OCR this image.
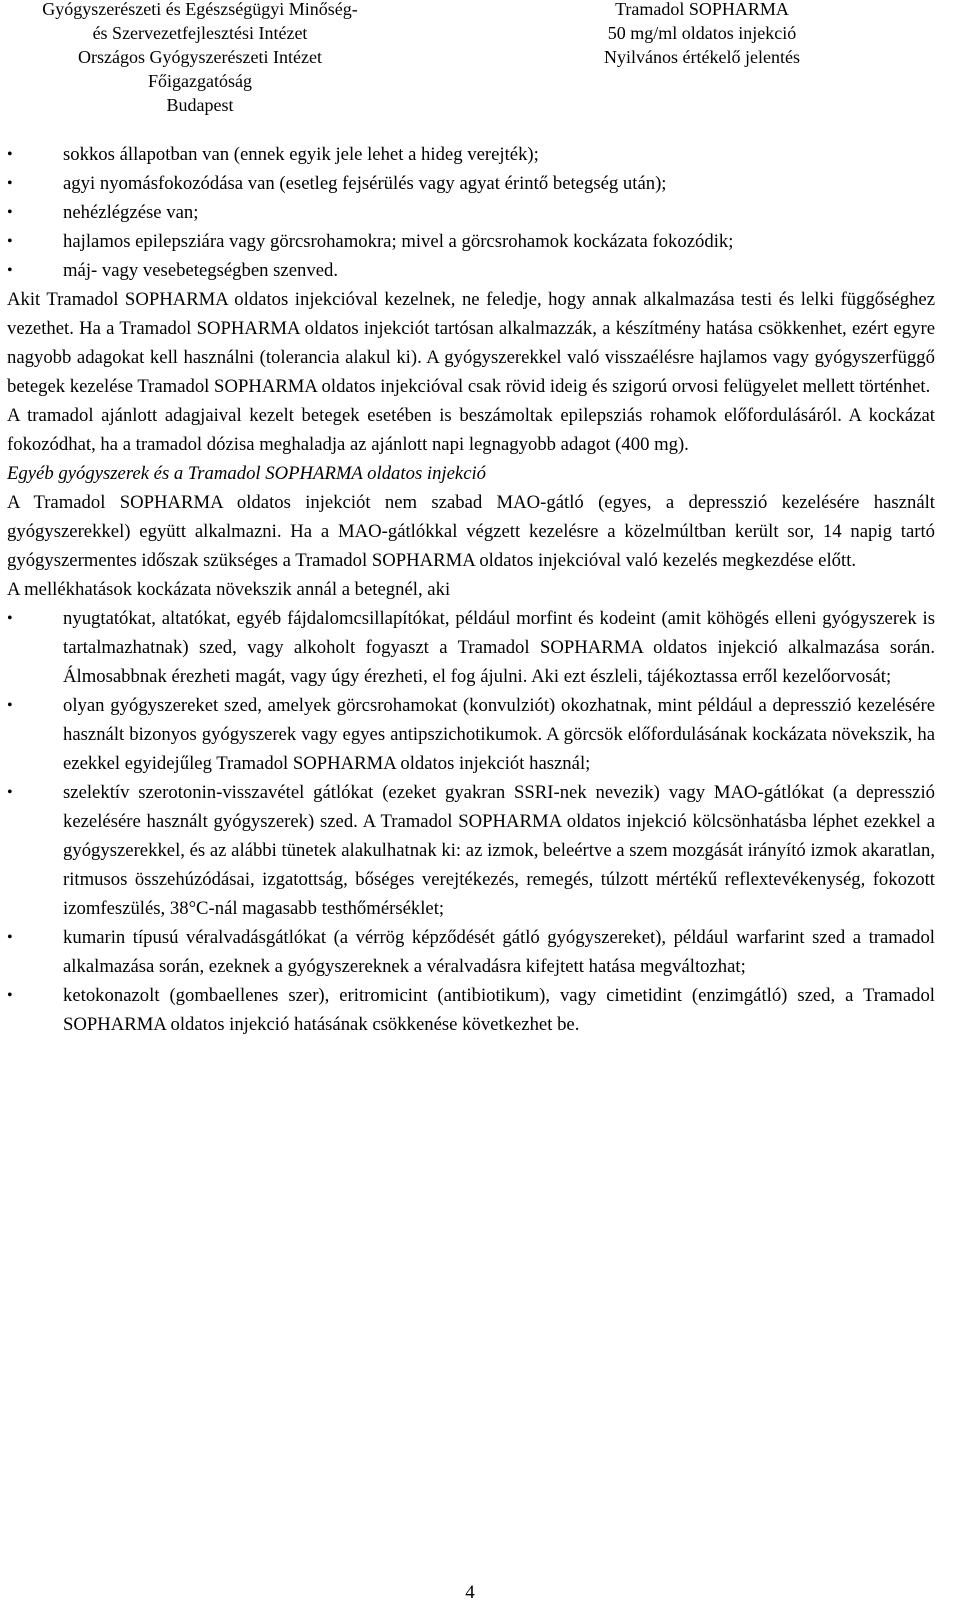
Gyógyszerészeti és Egészségügyi Minőség-
és Szervezetfejlesztési Intézet
Országos Gyógyszerészeti Intézet
Főigazgatóság
Budapest
Tramadol SOPHARMA
50 mg/ml oldatos injekció
Nyilvános értékelő jelentés
•	sokkos állapotban van (ennek egyik jele lehet a hideg verejték);
•	agyi nyomásfokozódása van (esetleg fejsérülés vagy agyat érintő betegség után);
•	nehézlégzése van;
•	hajlamos epilepsziára vagy görcsrohamokra; mivel a görcsrohamok kockázata fokozódik;
•	máj- vagy vesebetegségben szenved.

Akit Tramadol SOPHARMA oldatos injekcióval kezelnek, ne feledje, hogy annak alkalmazása testi és lelki függőséghez vezethet. Ha a Tramadol SOPHARMA oldatos injekciót tartósan alkalmazzák, a készítmény hatása csökkenhet, ezért egyre nagyobb adagokat kell használni (tolerancia alakul ki). A gyógyszerekkel való visszaélésre hajlamos vagy gyógyszerfüggő betegek kezelése Tramadol SOPHARMA oldatos injekcióval csak rövid ideig és szigorú orvosi felügyelet mellett történhet.

A tramadol ajánlott adagjaival kezelt betegek esetében is beszámoltak epilepsziás rohamok előfordulásáról. A kockázat fokozódhat, ha a tramadol dózisa meghaladja az ajánlott napi legnagyobb adagot (400 mg).

Egyéb gyógyszerek és a Tramadol SOPHARMA oldatos injekció

A Tramadol SOPHARMA oldatos injekciót nem szabad MAO-gátló (egyes, a depresszió kezelésére használt gyógyszerekkel) együtt alkalmazni. Ha a MAO-gátlókkal végzett kezelésre a közelmúltban került sor, 14 napig tartó gyógyszermentes időszak szükséges a Tramadol SOPHARMA oldatos injekcióval való kezelés megkezdése előtt.

A mellékhatások kockázata növekszik annál a betegnél, aki

•	nyugtatókat, altatókat, egyéb fájdalomcsillapítókat, például morfint és kodeint (amit köhögés elleni gyógyszerek is tartalmazhatnak) szed, vagy alkoholt fogyaszt a Tramadol SOPHARMA oldatos injekció alkalmazása során. Álmosabbnak érezheti magát, vagy úgy érezheti, el fog ájulni. Aki ezt észleli, tájékoztassa erről kezelőorvosát;
•	olyan gyógyszereket szed, amelyek görcsrohamokat (konvulziót) okozhatnak, mint például a depresszió kezelésére használt bizonyos gyógyszerek vagy egyes antipszichotikumok. A görcsök előfordulásának kockázata növekszik, ha ezekkel egyidejűleg Tramadol SOPHARMA oldatos injekciót használ;
•	szelektív szerotonin-visszavétel gátlókat (ezeket gyakran SSRI-nek nevezik) vagy MAO-gátlókat (a depresszió kezelésére használt gyógyszerek) szed. A Tramadol SOPHARMA oldatos injekció kölcsönhatásba léphet ezekkel a gyógyszerekkel, és az alábbi tünetek alakulhatnak ki: az izmok, beleértve a szem mozgását irányító izmok akaratlan, ritmusos összehúzódásai, izgatottság, bőséges verejtékezés, remegés, túlzott mértékű reflextevékenység, fokozott izomfeszülés, 38°C-nál magasabb testhőmérséklet;
•	kumarin típusú véralvadásgátlókat (a vérrög képződését gátló gyógyszereket), például warfarint szed a tramadol alkalmazása során, ezeknek a gyógyszereknek a véralvadásra kifejtett hatása megváltozhat;
•	ketokonazolt (gombaellenes szer), eritromicint (antibiotikum), vagy cimetidint (enzimgátló) szed, a Tramadol SOPHARMA oldatos injekció hatásának csökkenése következhet be.
4
